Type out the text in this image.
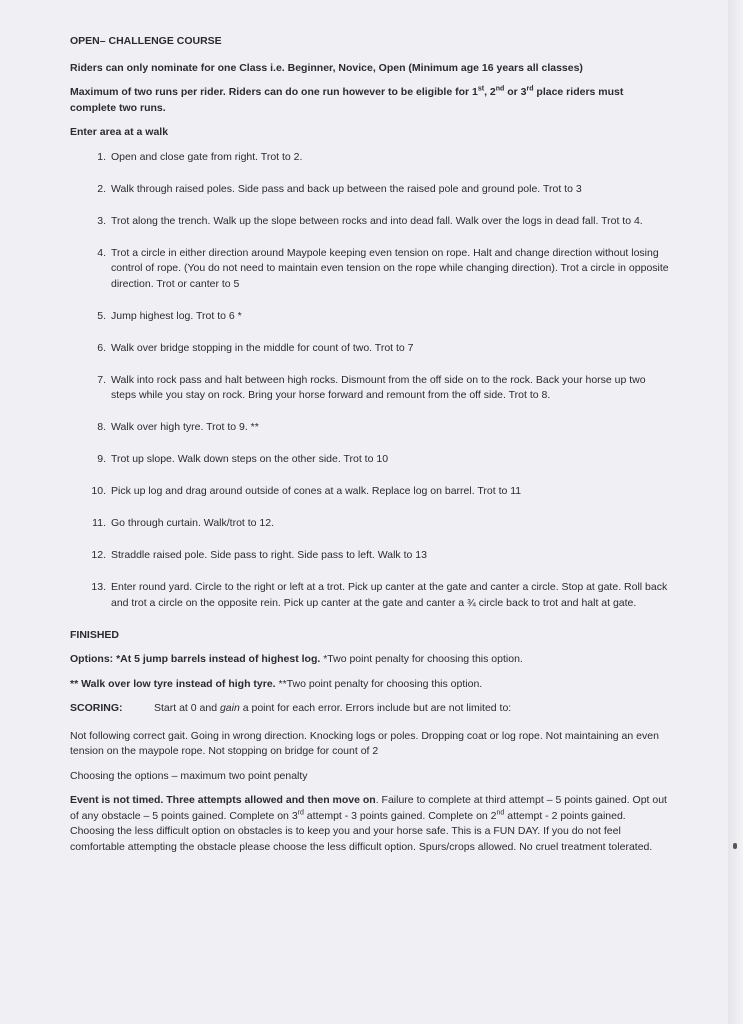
OPEN– CHALLENGE COURSE

Riders can only nominate for one Class i.e. Beginner, Novice, Open (Minimum age 16 years all classes)

Maximum of two runs per rider. Riders can do one run however to be eligible for 1st, 2nd or 3rd place riders must complete two runs.

Enter area at a walk
1. Open and close gate from right. Trot to 2.
2. Walk through raised poles. Side pass and back up between the raised pole and ground pole. Trot to 3
3. Trot along the trench. Walk up the slope between rocks and into dead fall. Walk over the logs in dead fall. Trot to 4.
4. Trot a circle in either direction around Maypole keeping even tension on rope. Halt and change direction without losing control of rope. (You do not need to maintain even tension on the rope while changing direction). Trot a circle in opposite direction. Trot or canter to 5
5. Jump highest log. Trot to 6 *
6. Walk over bridge stopping in the middle for count of two. Trot to 7
7. Walk into rock pass and halt between high rocks. Dismount from the off side on to the rock. Back your horse up two steps while you stay on rock. Bring your horse forward and remount from the off side. Trot to 8.
8. Walk over high tyre. Trot to 9. **
9. Trot up slope. Walk down steps on the other side. Trot to 10
10. Pick up log and drag around outside of cones at a walk. Replace log on barrel. Trot to 11
11. Go through curtain. Walk/trot to 12.
12. Straddle raised pole. Side pass to right. Side pass to left. Walk to 13
13. Enter round yard. Circle to the right or left at a trot. Pick up canter at the gate and canter a circle. Stop at gate. Roll back and trot a circle on the opposite rein. Pick up canter at the gate and canter a ¾ circle back to trot and halt at gate.

FINISHED

Options: *At 5 jump barrels instead of highest log. *Two point penalty for choosing this option.

** Walk over low tyre instead of high tyre. **Two point penalty for choosing this option.

SCORING:	Start at 0 and gain a point for each error. Errors include but are not limited to:

Not following correct gait. Going in wrong direction. Knocking logs or poles. Dropping coat or log rope. Not maintaining an even tension on the maypole rope. Not stopping on bridge for count of 2

Choosing the options – maximum two point penalty

Event is not timed. Three attempts allowed and then move on. Failure to complete at third attempt – 5 points gained. Opt out of any obstacle – 5 points gained. Complete on 3rd attempt - 3 points gained. Complete on 2nd attempt - 2 points gained. Choosing the less difficult option on obstacles is to keep you and your horse safe. This is a FUN DAY. If you do not feel comfortable attempting the obstacle please choose the less difficult option. Spurs/crops allowed. No cruel treatment tolerated.
